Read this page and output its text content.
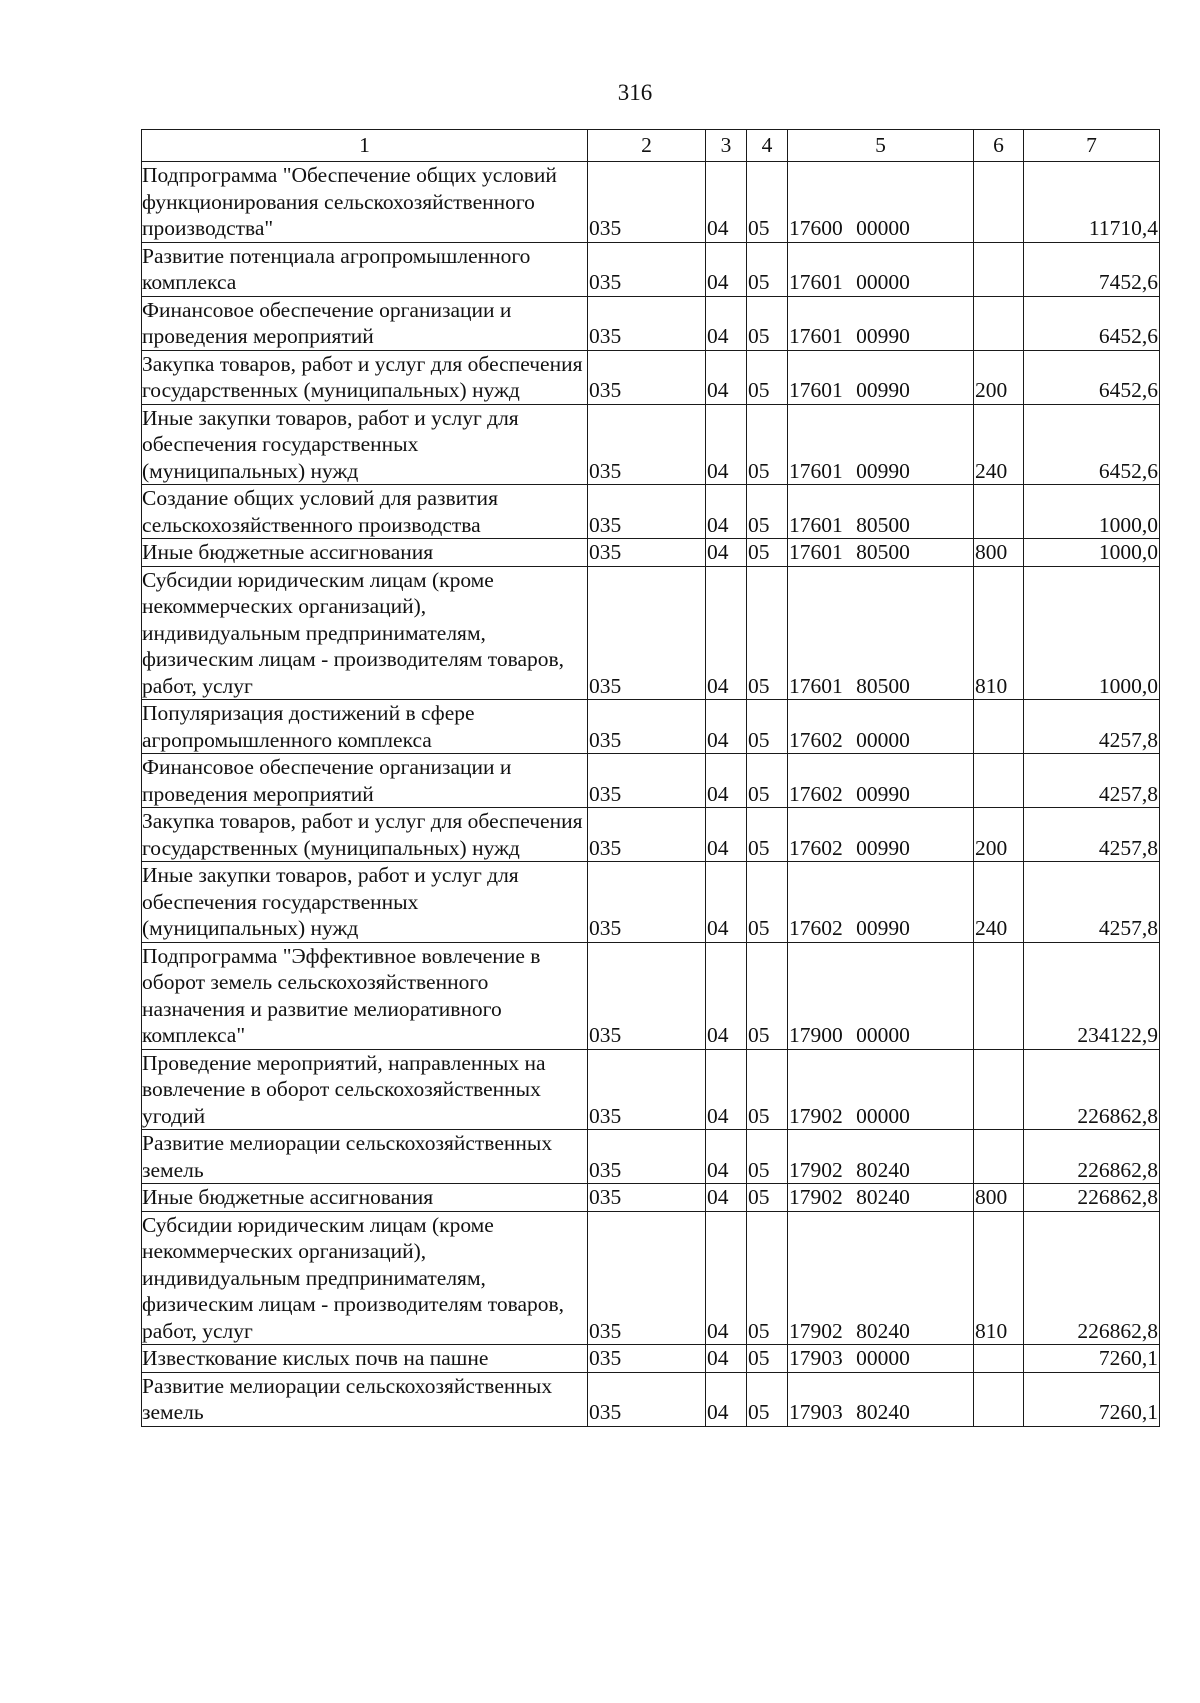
316
1	2	3	4	5	6	7
Подпрограмма "Обеспечение общих условий функционирования сельскохозяйственного производства"	035	04	05	17600 00000		11710,4
Развитие потенциала агропромышленного комплекса	035	04	05	17601 00000		7452,6
Финансовое обеспечение организации и проведения мероприятий	035	04	05	17601 00990		6452,6
Закупка товаров, работ и услуг для обеспечения государственных (муниципальных) нужд	035	04	05	17601 00990	200	6452,6
Иные закупки товаров, работ и услуг для обеспечения государственных (муниципальных) нужд	035	04	05	17601 00990	240	6452,6
Создание общих условий для развития сельскохозяйственного производства	035	04	05	17601 80500		1000,0
Иные бюджетные ассигнования	035	04	05	17601 80500	800	1000,0
Субсидии юридическим лицам (кроме некоммерческих организаций), индивидуальным предпринимателям, физическим лицам - производителям товаров, работ, услуг	035	04	05	17601 80500	810	1000,0
Популяризация достижений в сфере агропромышленного комплекса	035	04	05	17602 00000		4257,8
Финансовое обеспечение организации и проведения мероприятий	035	04	05	17602 00990		4257,8
Закупка товаров, работ и услуг для обеспечения государственных (муниципальных) нужд	035	04	05	17602 00990	200	4257,8
Иные закупки товаров, работ и услуг для обеспечения государственных (муниципальных) нужд	035	04	05	17602 00990	240	4257,8
Подпрограмма "Эффективное вовлечение в оборот земель сельскохозяйственного назначения и развитие мелиоративного комплекса"	035	04	05	17900 00000		234122,9
Проведение мероприятий, направленных на вовлечение в оборот сельскохозяйственных угодий	035	04	05	17902 00000		226862,8
Развитие мелиорации сельскохозяйственных земель	035	04	05	17902 80240		226862,8
Иные бюджетные ассигнования	035	04	05	17902 80240	800	226862,8
Субсидии юридическим лицам (кроме некоммерческих организаций), индивидуальным предпринимателям, физическим лицам - производителям товаров, работ, услуг	035	04	05	17902 80240	810	226862,8
Известкование кислых почв на пашне	035	04	05	17903 00000		7260,1
Развитие мелиорации сельскохозяйственных земель	035	04	05	17903 80240		7260,1
